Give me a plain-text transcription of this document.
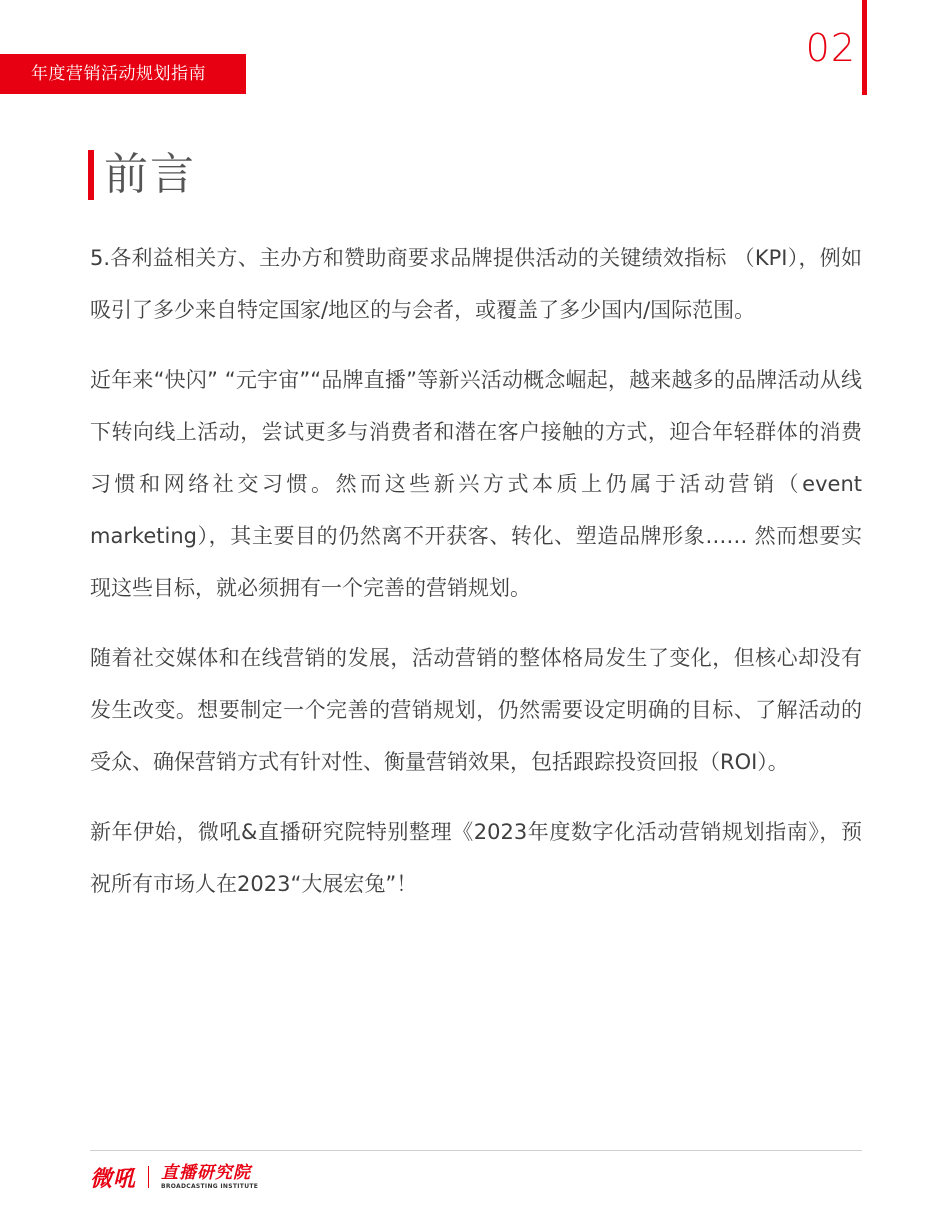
年度营销活动规划指南
02
前言

5.各利益相关方、主办方和赞助商要求品牌提供活动的关键绩效指标 （KPI），例如吸引了多少来自特定国家/地区的与会者，或覆盖了多少国内/国际范围。

近年来“快闪” “元宇宙”“品牌直播”等新兴活动概念崛起，越来越多的品牌活动从线下转向线上活动，尝试更多与消费者和潜在客户接触的方式，迎合年轻群体的消费习惯和网络社交习惯。然而这些新兴方式本质上仍属于活动营销（event marketing），其主要目的仍然离不开获客、转化、塑造品牌形象…… 然而想要实现这些目标，就必须拥有一个完善的营销规划。

随着社交媒体和在线营销的发展，活动营销的整体格局发生了变化，但核心却没有发生改变。想要制定一个完善的营销规划，仍然需要设定明确的目标、了解活动的受众、确保营销方式有针对性、衡量营销效果，包括跟踪投资回报（ROI）。

新年伊始，微吼&直播研究院特别整理《2023年度数字化活动营销规划指南》，预祝所有市场人在2023“大展宏兔”！

微吼 直播研究院
BROADCASTING INSTITUTE
